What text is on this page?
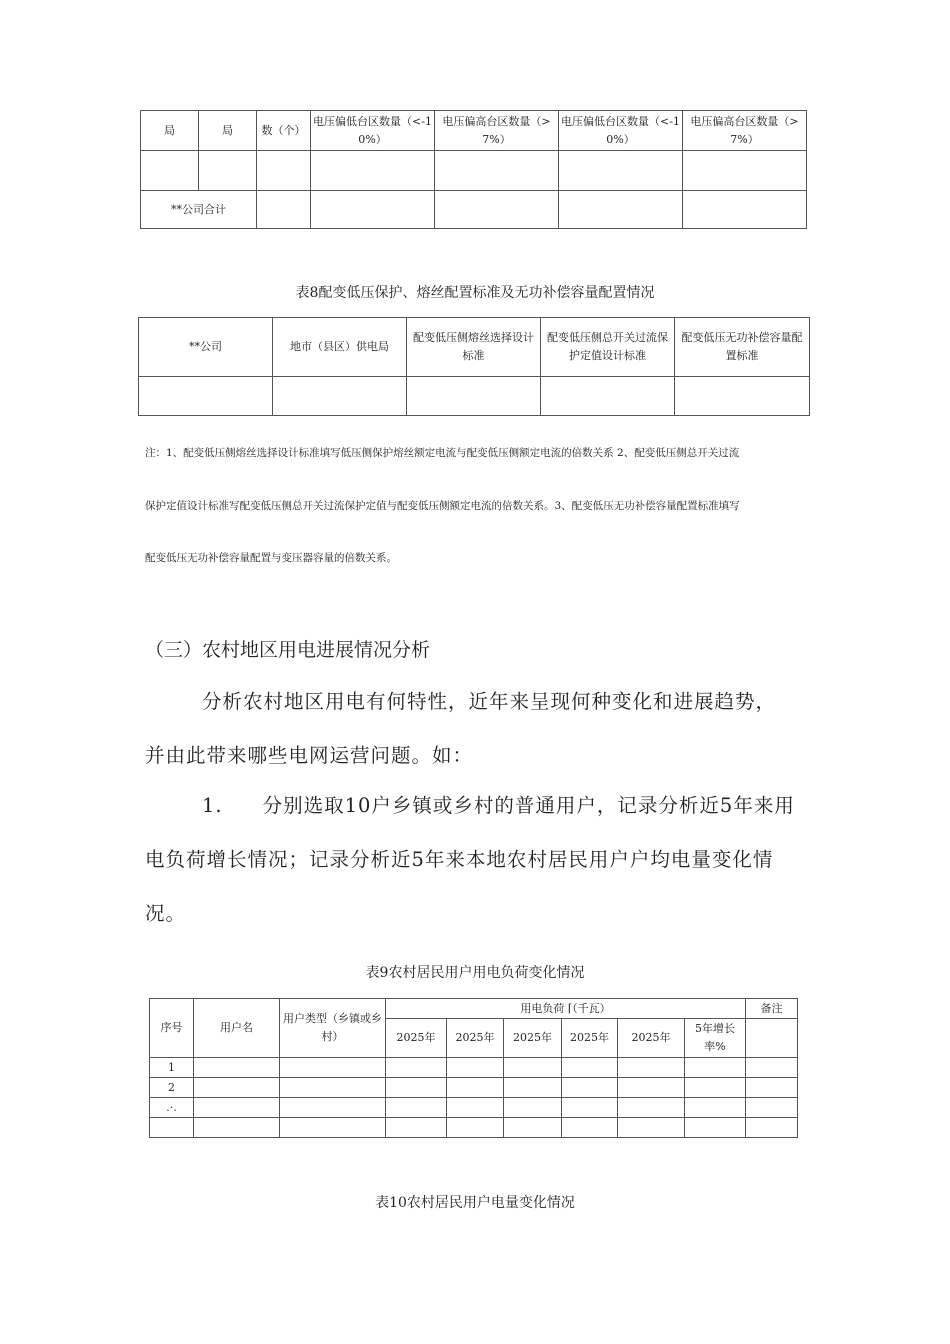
局	局	数（个）	电压偏低台区数量（<-10%）	电压偏高台区数量（>7%）	电压偏低台区数量（<-10%）	电压偏高台区数量（>7%）

**公司合计						
表8配变低压保护、熔丝配置标准及无功补偿容量配置情况
**公司	地市（县区）供电局	配变低压侧熔丝选择设计标准	配变低压侧总开关过流保护定值设计标准	配变低压无功补偿容量配置标准

注：1、配变低压侧熔丝选择设计标准填写低压侧保护熔丝额定电流与配变低压侧额定电流的倍数关系 2、配变低压侧总开关过流
保护定值设计标准写配变低压侧总开关过流保护定值与配变低压侧额定电流的倍数关系。3、配变低压无功补偿容量配置标准填写
配变低压无功补偿容量配置与变压器容量的倍数关系。
（三）农村地区用电进展情况分析
分析农村地区用电有何特性，近年来呈现何种变化和进展趋势，
并由此带来哪些电网运营问题。如：
1. 分别选取10户乡镇或乡村的普通用户，记录分析近5年来用
电负荷增长情况；记录分析近5年来本地农村居民用户户均电量变化情
况。
表9农村居民用户用电负荷变化情况
序号	用户名	用户类型（乡镇或乡村）	用电负荷 ⌈（千瓦）						备注
			2025年	2025年	2025年	2025年	2025年	5年增长率%	
1									
2									
.·.									

表10农村居民用户电量变化情况
